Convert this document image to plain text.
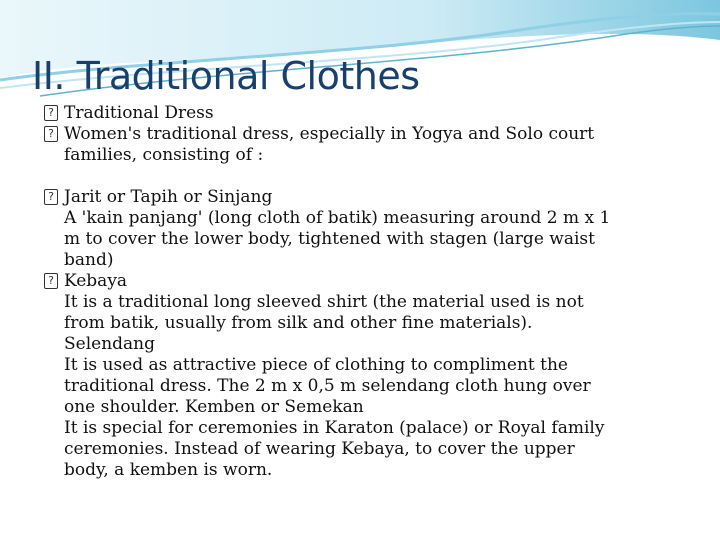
II. Traditional Clothes
? Traditional Dress
? Women's traditional dress, especially in Yogya and Solo court
families, consisting of :
? Jarit or Tapih or Sinjang
A 'kain panjang' (long cloth of batik) measuring around 2 m x 1
m to cover the lower body, tightened with stagen (large waist
band)
? Kebaya
It is a traditional long sleeved shirt (the material used is not
from batik, usually from silk and other fine materials).
Selendang
It is used as attractive piece of clothing to compliment the
traditional dress. The 2 m x 0,5 m selendang cloth hung over
one shoulder. Kemben or Semekan
It is special for ceremonies in Karaton (palace) or Royal family
ceremonies. Instead of wearing Kebaya, to cover the upper
body, a kemben is worn.
